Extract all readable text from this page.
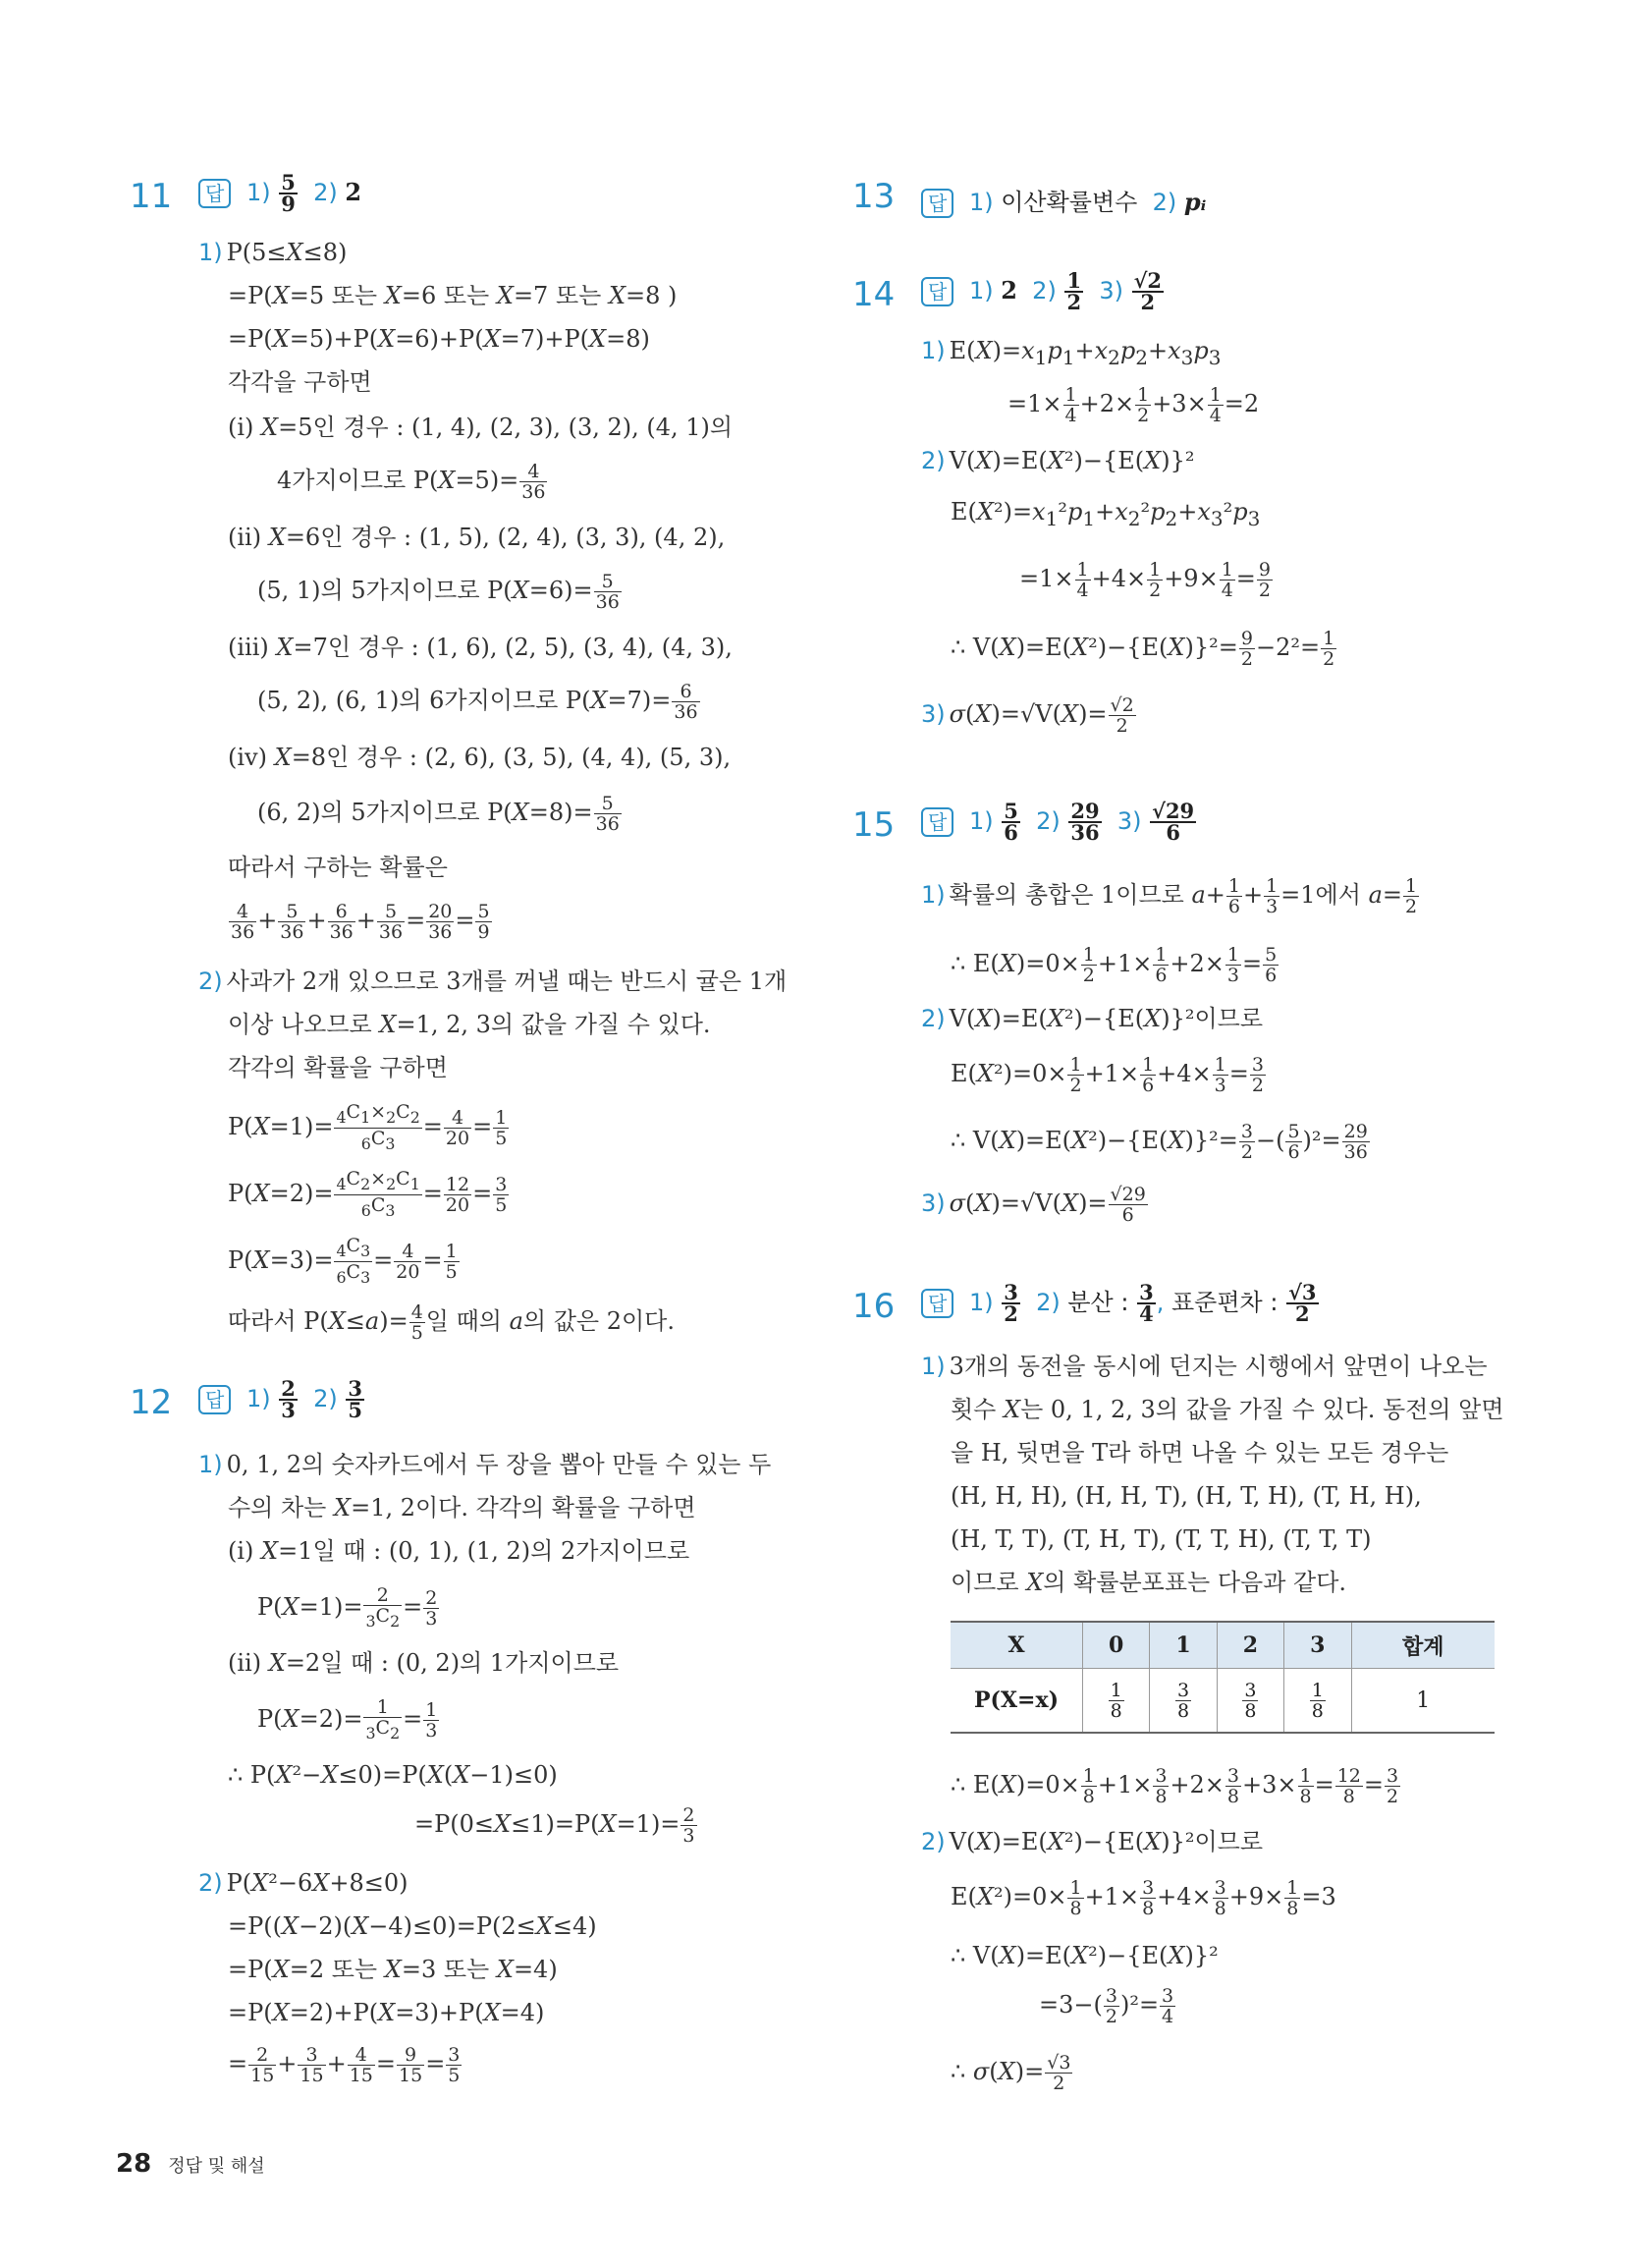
11	답 $1) \frac{5}{9} 2$) 2
1) P(5≤X≤8)
=P(X=5 또는 X=6 또는 X=7 또는 X=8 )
=P(X=5)+P(X=6)+P(X=7)+P(X=8)
각각을 구하면
(ⅰ) X=5인 경우 : (1, 4), (2, 3), (3, 2), (4, 1)의
4가지이므로 $P(X=5)= \frac{4}{36}$
(ⅱ) X=6인 경우 : (1, 5), (2, 4), (3, 3), (4, 2),
(5, 1)의 5가지이므로 $P(X=6)= \frac{5}{36}$
(ⅲ) X=7인 경우 : (1, 6), (2, 5), (3, 4), (4, 3),
(5, 2), (6, 1)의 6가지이므로 $P(X=7)= \frac{6}{36}$
(ⅳ) X=8인 경우 : (2, 6), (3, 5), (4, 4), (5, 3),
(6, 2)의 5가지이므로 $P(X=8)= \frac{5}{36}$
따라서 구하는 확률은
$\frac{4}{36} + \frac{5}{36} + \frac{6}{36} + \frac{5}{36} = \frac{20}{36} = \frac{5}{9}$
2) 사과가 2개 있으므로 3개를 꺼낼 때는 반드시 귤은 1개
이상 나오므로 X=1, 2, 3의 값을 가질 수 있다.
각각의 확률을 구하면
$P(X=1)= \frac{_4C_1\times_2C_2}{_6C_3} = \frac{4}{20} = \frac{1}{5}$
$P(X=2)= \frac{_4C_2\times_2C_1}{_6C_3} = \frac{12}{20} = \frac{3}{5}$
$P(X=3)= \frac{_4C_3}{_6C_3} = \frac{4}{20} = \frac{1}{5}$
따라서 $P(X\le a)= \frac{4}{5}$ 일 때의 a의 값은 2이다.
12	답 $1) \frac{2}{3} 2) \frac{3}{5}$
1) 0, 1, 2의 숫자카드에서 두 장을 뽑아 만들 수 있는 두
수의 차는 X=1, 2이다. 각각의 확률을 구하면
(ⅰ) X=1일 때 : (0, 1), (1, 2)의 2가지이므로
$P(X=1)= \frac{2}{_3C_2} = \frac{2}{3}$
(ⅱ) X=2일 때 : (0, 2)의 1가지이므로
$P(X=2)= \frac{1}{_3C_2} = \frac{1}{3}$
∴ P(X²−X≤0)=P(X(X−1)≤0)
$=P(0\le X\le 1)=P(X=1)= \frac{2}{3}$
2) P(X²−6X+8≤0)
=P((X−2)(X−4)≤0)=P(2≤X≤4)
=P(X=2 또는 X=3 또는 X=4)
=P(X=2)+P(X=3)+P(X=4)
= $\frac{2}{15} + \frac{3}{15} + \frac{4}{15} = \frac{9}{15} = \frac{3}{5}$
13	답 1) 이산확률변수  2) pᵢ
14	답 1) 2  $2) \frac{1}{2} 3) \frac{√2}{2}$
1) $E(X)=x_1p_1+x_2p_2+x_3p_3$
$=1\times \frac{1}{4} +2\times \frac{1}{2} +3\times \frac{1}{4} =2$
2) V(X)=E(X²)−{E(X)}²
$E(X^2)=x_1^2p_1+x_2^2p_2+x_3^2p_3$
$=1\times \frac{1}{4} +4\times \frac{1}{2} +9\times \frac{1}{4} = \frac{9}{2}$
∴ $V(X)=E(X^2)-\{E(X)\}^2= \frac{9}{2} -2^2= \frac{1}{2}$
3) $\sigma(X)=√V(X)= \frac{√2}{2}$
15	답 $1) \frac{5}{6} 2) \frac{29}{36} 3) \frac{√29}{6}$
1) 확률의 총합은 1이므로 $a+ \frac{1}{6} + \frac{1}{3} =1$에서 $a= \frac{1}{2}$
∴ $E(X)=0\times \frac{1}{2} +1\times \frac{1}{6} +2\times \frac{1}{3} = \frac{5}{6}$
2) V(X)=E(X²)−{E(X)}²이므로
$E(X^2)=0\times \frac{1}{2} +1\times \frac{1}{6} +4\times \frac{1}{3} = \frac{3}{2}$
∴ $V(X)=E(X^2)-\{E(X)\}^2= \frac{3}{2}$ −( $\frac{5}{6} )^2= \frac{29}{36}$
3) $\sigma(X)=√V(X)= \frac{√29}{6}$
16	답 $1) \frac{3}{2} 2$) 분산 : $\frac{3}{4}$ , 표준편차 : $\frac{√3}{2}$
1) 3개의 동전을 동시에 던지는 시행에서 앞면이 나오는
횟수 X는 0, 1, 2, 3의 값을 가질 수 있다. 동전의 앞면
을 H, 뒷면을 T라 하면 나올 수 있는 모든 경우는
(H, H, H), (H, H, T), (H, T, H), (T, H, H),
(H, T, T), (T, H, T), (T, T, H), (T, T, T)
이므로 X의 확률분포표는 다음과 같다.
X	0	1	2	3	합계
P(X=x)	$\frac{1}{8}$	$\frac{3}{8}$	$\frac{3}{8}$	$\frac{1}{8}$	1
∴ $E(X)=0\times \frac{1}{8} +1\times \frac{3}{8} +2\times \frac{3}{8} +3\times \frac{1}{8} = \frac{12}{8} = \frac{3}{2}$
2) V(X)=E(X²)−{E(X)}²이므로
$E(X^2)=0\times \frac{1}{8} +1\times \frac{3}{8} +4\times \frac{3}{8} +9\times \frac{1}{8} =3$
∴ V(X)=E(X²)−{E(X)}²
$=3-( \frac{3}{2} )^2= \frac{3}{4}$
∴ $\sigma(X)= \frac{√3}{2}$
28 정답 및 해설
